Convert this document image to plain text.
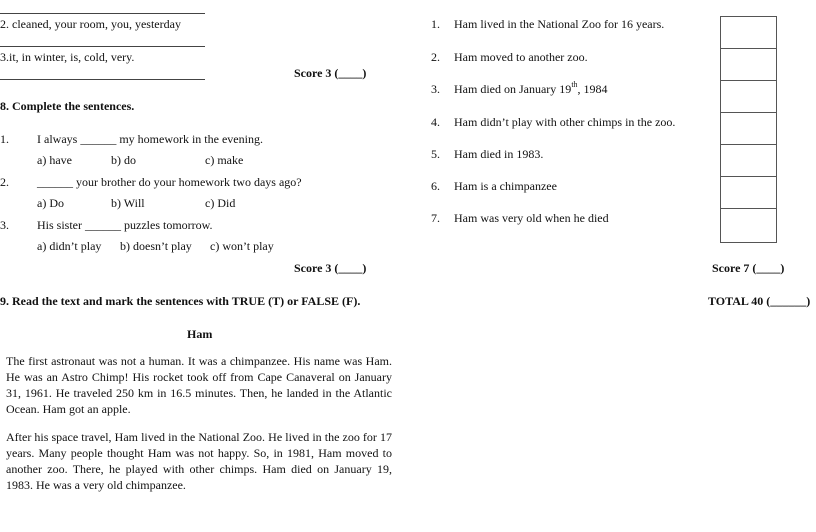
2. cleaned, your room, you, yesterday
3.it, in winter, is, cold, very.
Score 3 (____)
8. Complete the sentences.
1. I always ______ my homework in the evening.
a) have	b) do	c) make
2. ______ your brother do your homework two days ago?
a) Do	b) Will	c) Did
3. His sister ______ puzzles tomorrow.
a) didn’t play b) doesn’t play c) won’t play
Score 3 (____)
9. Read the text and mark the sentences with TRUE (T) or FALSE (F).
Ham
The first astronaut was not a human. It was a chimpanzee. His name was Ham. He was an Astro Chimp! His rocket took off from Cape Canaveral on January 31, 1961. He traveled 250 km in 16.5 minutes. Then, he landed in the Atlantic Ocean. Ham got an apple.
After his space travel, Ham lived in the National Zoo. He lived in the zoo for 17 years. Many people thought Ham was not happy. So, in 1981, Ham moved to another zoo. There, he played with other chimps. Ham died on January 19, 1983. He was a very old chimpanzee.
1. Ham lived in the National Zoo for 16 years.
2. Ham moved to another zoo.
3. Ham died on January 19th, 1984
4. Ham didn’t play with other chimps in the zoo.
5. Ham died in 1983.
6. Ham is a chimpanzee
7. Ham was very old when he died
Score 7 (____)
TOTAL 40 (______)
